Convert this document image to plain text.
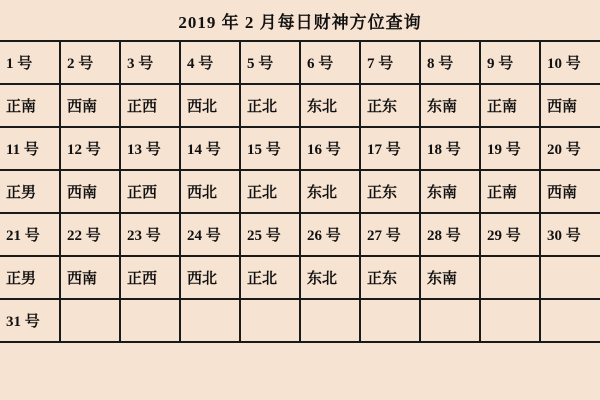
2019 年 2 月每日财神方位查询
1 号	2 号	3 号	4 号	5 号	6 号	7 号	8 号	9 号	10 号
正南	西南	正西	西北	正北	东北	正东	东南	正南	西南
11 号	12 号	13 号	14 号	15 号	16 号	17 号	18 号	19 号	20 号
正男	西南	正西	西北	正北	东北	正东	东南	正南	西南
21 号	22 号	23 号	24 号	25 号	26 号	27 号	28 号	29 号	30 号
正男	西南	正西	西北	正北	东北	正东	东南		
31 号									
